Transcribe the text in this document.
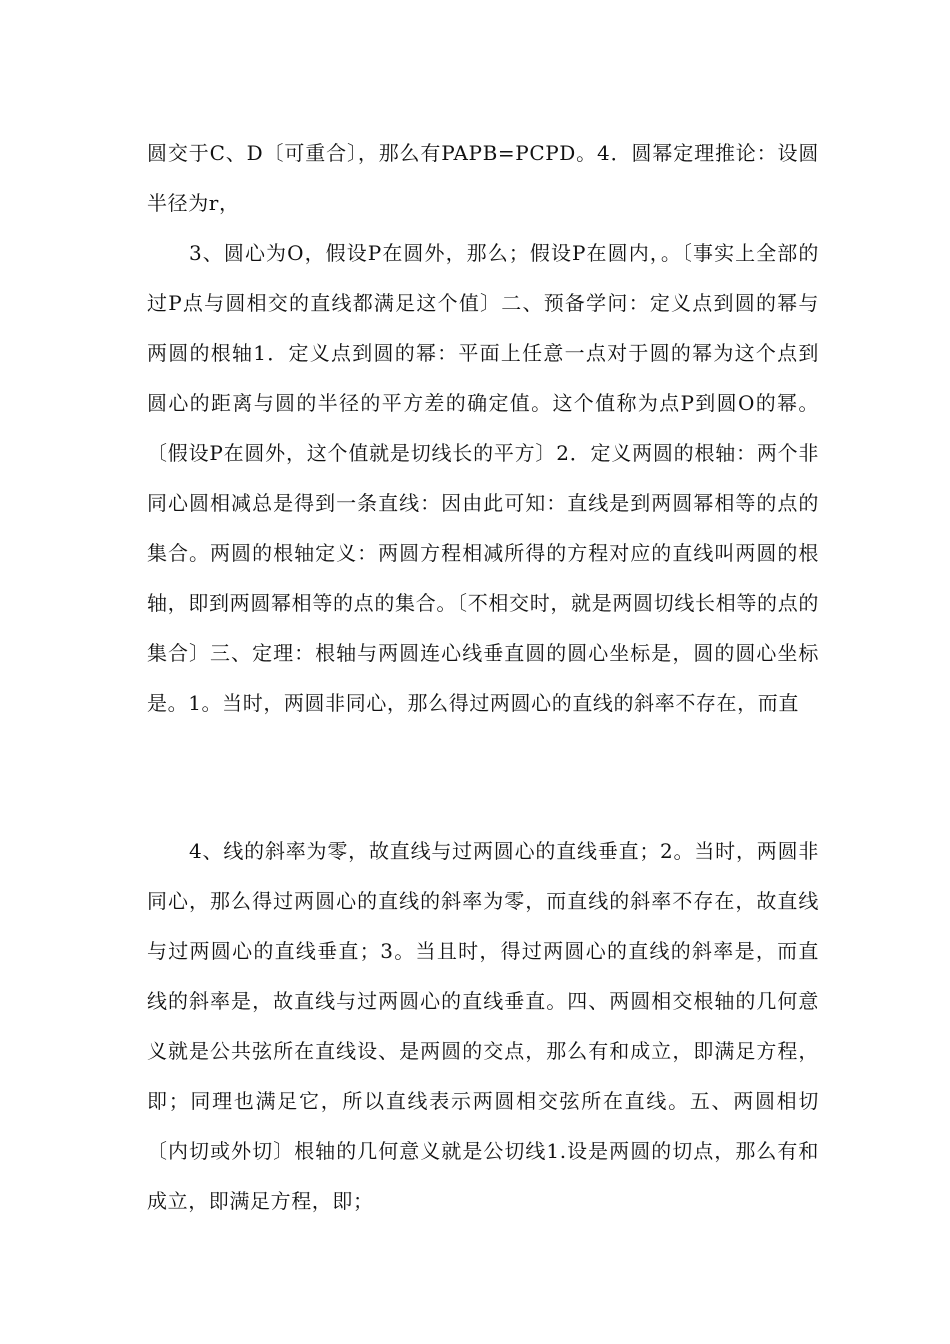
圆交于C、D〔可重合〕，那么有PAPB=PCPD。4．圆幂定理推论：设圆半径为r，

3、圆心为O，假设P在圆外，那么；假设P在圆内，。〔事实上全部的过P点与圆相交的直线都满足这个值〕二、预备学问：定义点到圆的幂与两圆的根轴1．定义点到圆的幂：平面上任意一点对于圆的幂为这个点到圆心的距离与圆的半径的平方差的确定值。这个值称为点P到圆O的幂。〔假设P在圆外，这个值就是切线长的平方〕2．定义两圆的根轴：两个非同心圆相减总是得到一条直线：因由此可知：直线是到两圆幂相等的点的集合。两圆的根轴定义：两圆方程相减所得的方程对应的直线叫两圆的根轴，即到两圆幂相等的点的集合。〔不相交时，就是两圆切线长相等的点的集合〕三、定理：根轴与两圆连心线垂直圆的圆心坐标是，圆的圆心坐标是。1。当时，两圆非同心，那么得过两圆心的直线的斜率不存在，而直

4、线的斜率为零，故直线与过两圆心的直线垂直；2。当时，两圆非同心，那么得过两圆心的直线的斜率为零，而直线的斜率不存在，故直线与过两圆心的直线垂直；3。当且时，得过两圆心的直线的斜率是，而直线的斜率是，故直线与过两圆心的直线垂直。四、两圆相交根轴的几何意义就是公共弦所在直线设、是两圆的交点，那么有和成立，即满足方程，即；同理也满足它，所以直线表示两圆相交弦所在直线。五、两圆相切〔内切或外切〕根轴的几何意义就是公切线1.设是两圆的切点，那么有和成立，即满足方程，即；
